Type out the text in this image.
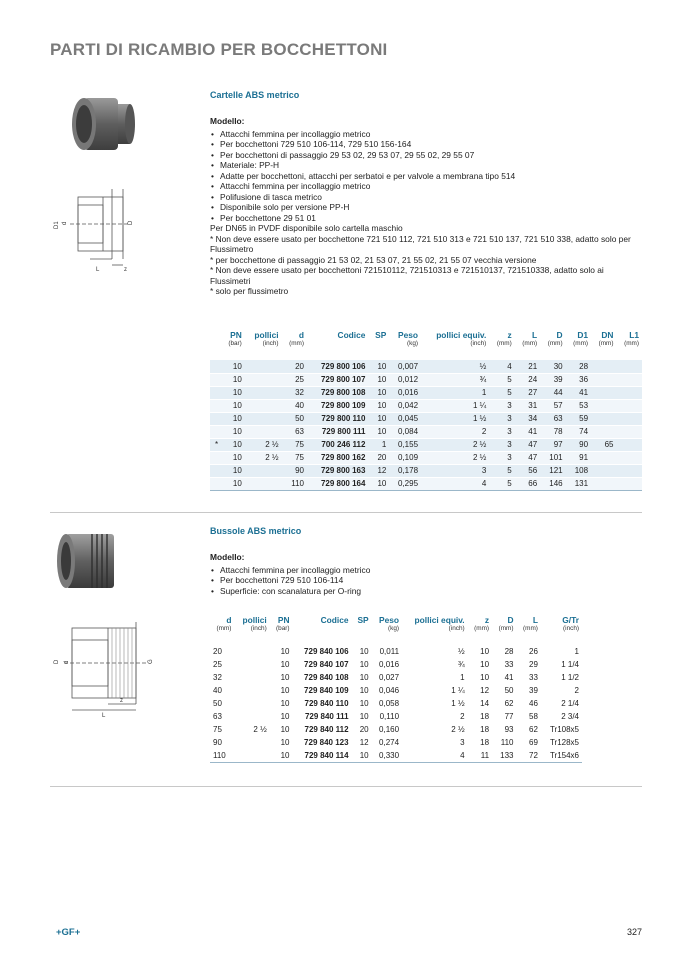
PARTI DI RICAMBIO PER BOCCHETTONI
D1 d	D
L	z
Cartelle ABS metrico
Modello:
• Attacchi femmina per incollaggio metrico
• Per bocchettoni 729 510 106-114, 729 510 156-164
• Per bocchettoni di passaggio 29 53 02, 29 53 07, 29 55 02, 29 55 07
• Materiale: PP-H
• Adatte per bocchettoni, attacchi per serbatoi e per valvole a membrana tipo 514
• Attacchi femmina per incollaggio metrico
• Polifusione di tasca metrico
• Disponibile solo per versione PP-H
• Per bocchettone 29 51 01
Per DN65 in PVDF disponibile solo cartella maschio
* Non deve essere usato per bocchettone 721 510 112, 721 510 313 e 721 510 137, 721 510 338, adatto solo per Flussimetro
* per bocchettone di passaggio 21 53 02, 21 53 07, 21 55 02, 21 55 07 vecchia versione
* Non deve essere usato per bocchettoni 721510112, 721510313 e 721510137, 721510338, adatto solo ai Flussimetri
* solo per flussimetro
	PN	pollici	d	Codice	SP	Peso	pollici equiv.	z	L	D	D1	DN	L1
	(bar)	(inch)	(mm)			(kg)	(inch)	(mm)	(mm)	(mm)	(mm)	(mm)	(mm)
	10		20	729 800 106	10	0,007	½	4	21	30	28		
	10		25	729 800 107	10	0,012	¾	5	24	39	36		
	10		32	729 800 108	10	0,016	1	5	27	44	41		
	10		40	729 800 109	10	0,042	1 ¼	3	31	57	53		
	10		50	729 800 110	10	0,045	1 ½	3	34	63	59		
	10		63	729 800 111	10	0,084	2	3	41	78	74		
*	10	2 ½	75	700 246 112	1	0,155	2 ½	3	47	97	90	65	
	10	2 ½	75	729 800 162	20	0,109	2 ½	3	47	101	91		
	10		90	729 800 163	12	0,178	3	5	56	121	108		
	10		110	729 800 164	10	0,295	4	5	66	146	131		
D d	G
L
z
Bussole ABS metrico
Modello:
• Attacchi femmina per incollaggio metrico
• Per bocchettoni 729 510 106-114
• Superficie: con scanalatura per O-ring
d	pollici	PN	Codice	SP	Peso	pollici equiv.	z	D	L	G/Tr
(mm)	(inch)	(bar)			(kg)	(inch)	(mm)	(mm)	(mm)	(inch)
20		10	729 840 106	10	0,011	½	10	28	26	1
25		10	729 840 107	10	0,016	¾	10	33	29	1 1/4
32		10	729 840 108	10	0,027	1	10	41	33	1 1/2
40		10	729 840 109	10	0,046	1 ¼	12	50	39	2
50		10	729 840 110	10	0,058	1 ½	14	62	46	2 1/4
63		10	729 840 111	10	0,110	2	18	77	58	2 3/4
75	2 ½	10	729 840 112	20	0,160	2 ½	18	93	62	Tr108x5
90		10	729 840 123	12	0,274	3	18	110	69	Tr128x5
110		10	729 840 114	10	0,330	4	11	133	72	Tr154x6
+GF+	327
